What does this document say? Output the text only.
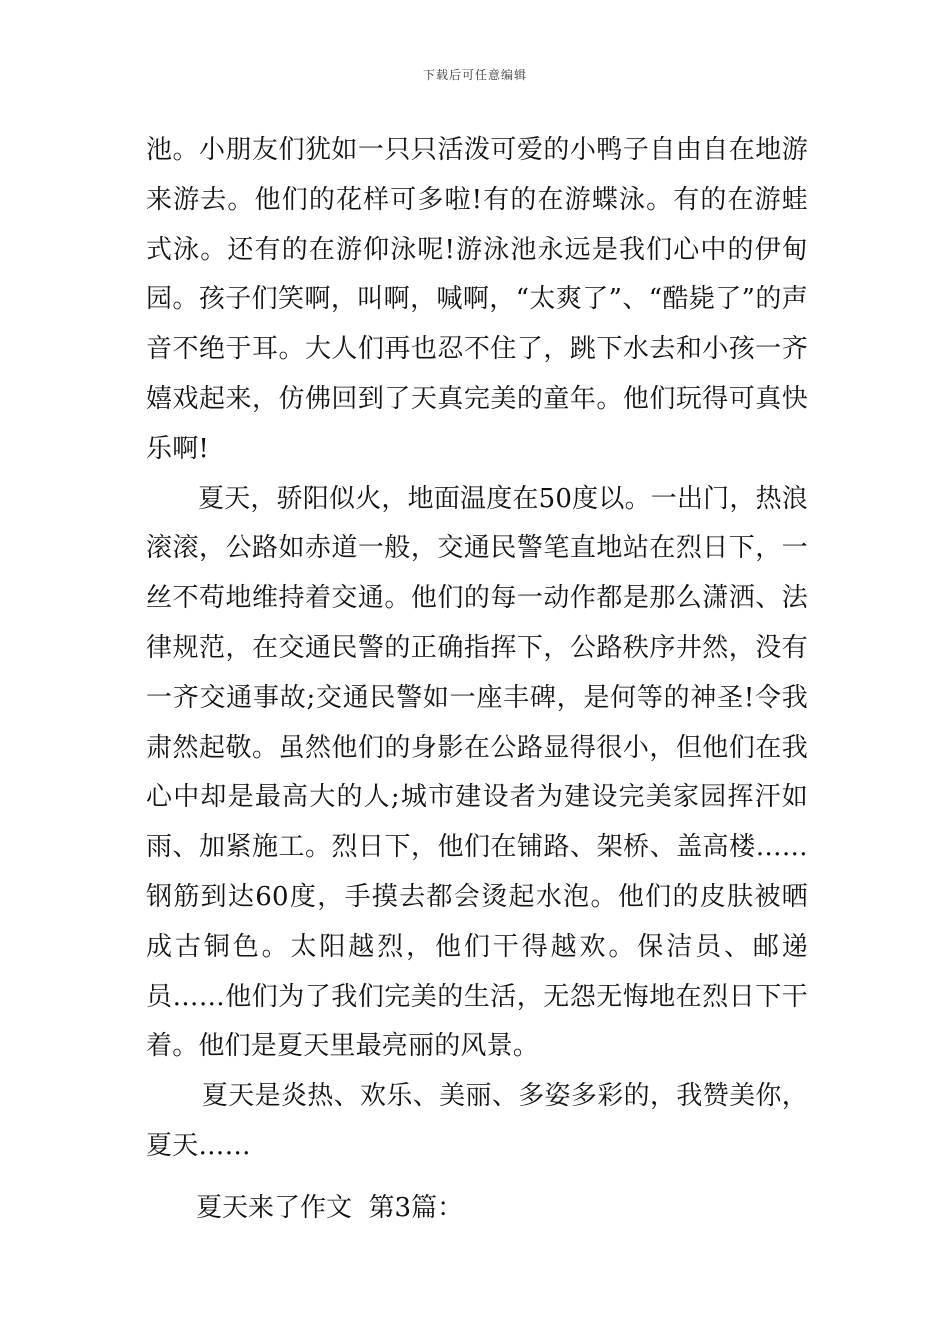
下载后可任意编辑

池。小朋友们犹如一只只活泼可爱的小鸭子自由自在地游来游去。他们的花样可多啦!有的在游蝶泳。有的在游蛙式泳。还有的在游仰泳呢!游泳池永远是我们心中的伊甸园。孩子们笑啊，叫啊，喊啊，“太爽了”、“酷毙了”的声音不绝于耳。大人们再也忍不住了，跳下水去和小孩一齐嬉戏起来，仿佛回到了天真完美的童年。他们玩得可真快乐啊!

夏天，骄阳似火，地面温度在50度以。一出门，热浪滚滚，公路如赤道一般，交通民警笔直地站在烈日下，一丝不苟地维持着交通。他们的每一动作都是那么潇洒、法律规范，在交通民警的正确指挥下，公路秩序井然，没有一齐交通事故;交通民警如一座丰碑，是何等的神圣!令我肃然起敬。虽然他们的身影在公路显得很小，但他们在我心中却是最高大的人;城市建设者为建设完美家园挥汗如雨、加紧施工。烈日下，他们在铺路、架桥、盖高楼……钢筋到达60度，手摸去都会烫起水泡。他们的皮肤被晒成古铜色。太阳越烈，他们干得越欢。保洁员、邮递员……他们为了我们完美的生活，无怨无悔地在烈日下干着。他们是夏天里最亮丽的风景。

夏天是炎热、欢乐、美丽、多姿多彩的，我赞美你，夏天……

夏天来了作文  第3篇：
